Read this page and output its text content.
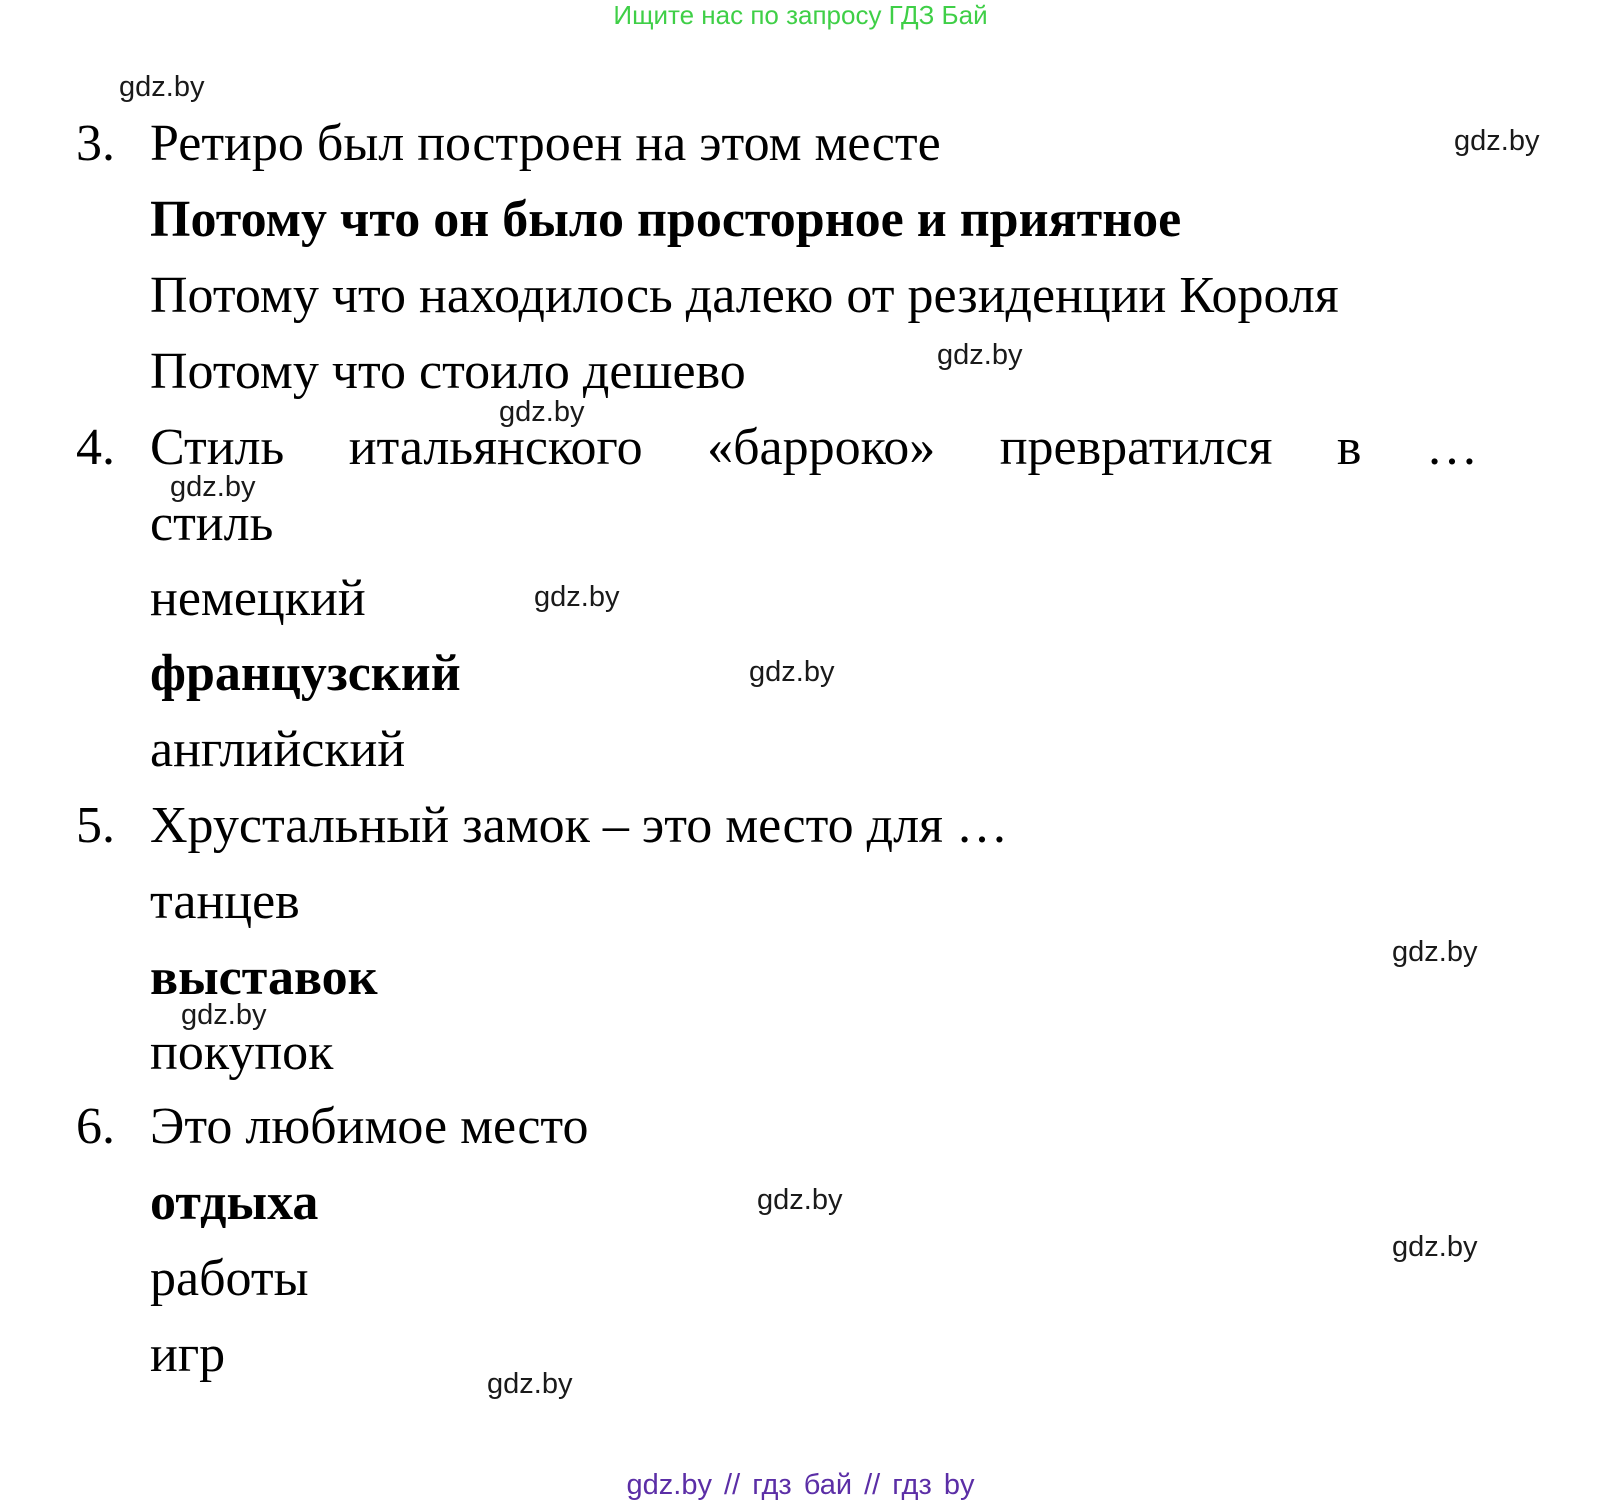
Ищите нас по запросу ГДЗ Бай
gdz.by
gdz.by
gdz.by
gdz.by
gdz.by
gdz.by
gdz.by
gdz.by
gdz.by
gdz.by
gdz.by
gdz.by
3. Ретиро был построен на этом месте
Потому что он было просторное и приятное
Потому что находилось далеко от резиденции Короля
Потому что стоило дешево
4. Стиль итальянского «барроко» превратился в …
стиль
немецкий
французский
английский
5. Хрустальный замок – это место для …
танцев
выставок
покупок
6. Это любимое место
отдыха
работы
игр
gdz.by // гдз бай // гдз by
